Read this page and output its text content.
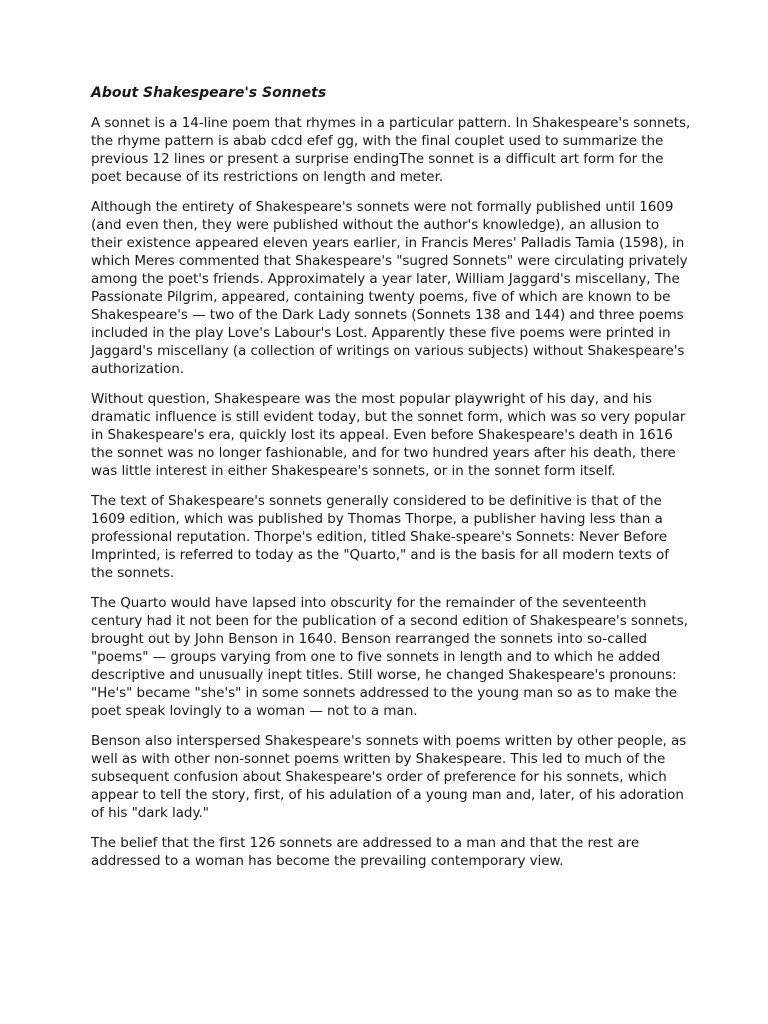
About Shakespeare's Sonnets

A sonnet is a 14-line poem that rhymes in a particular pattern. In Shakespeare's sonnets, the rhyme pattern is abab cdcd efef gg, with the final couplet used to summarize the previous 12 lines or present a surprise endingThe sonnet is a difficult art form for the poet because of its restrictions on length and meter.

Although the entirety of Shakespeare's sonnets were not formally published until 1609 (and even then, they were published without the author's knowledge), an allusion to their existence appeared eleven years earlier, in Francis Meres' Palladis Tamia (1598), in which Meres commented that Shakespeare's "sugred Sonnets" were circulating privately among the poet's friends. Approximately a year later, William Jaggard's miscellany, The Passionate Pilgrim, appeared, containing twenty poems, five of which are known to be Shakespeare's — two of the Dark Lady sonnets (Sonnets 138 and 144) and three poems included in the play Love's Labour's Lost. Apparently these five poems were printed in Jaggard's miscellany (a collection of writings on various subjects) without Shakespeare's authorization.

Without question, Shakespeare was the most popular playwright of his day, and his dramatic influence is still evident today, but the sonnet form, which was so very popular in Shakespeare's era, quickly lost its appeal. Even before Shakespeare's death in 1616 the sonnet was no longer fashionable, and for two hundred years after his death, there was little interest in either Shakespeare's sonnets, or in the sonnet form itself.

The text of Shakespeare's sonnets generally considered to be definitive is that of the 1609 edition, which was published by Thomas Thorpe, a publisher having less than a professional reputation. Thorpe's edition, titled Shake-speare's Sonnets: Never Before Imprinted, is referred to today as the "Quarto," and is the basis for all modern texts of the sonnets.

The Quarto would have lapsed into obscurity for the remainder of the seventeenth century had it not been for the publication of a second edition of Shakespeare's sonnets, brought out by John Benson in 1640. Benson rearranged the sonnets into so-called "poems" — groups varying from one to five sonnets in length and to which he added descriptive and unusually inept titles. Still worse, he changed Shakespeare's pronouns: "He's" became "she's" in some sonnets addressed to the young man so as to make the poet speak lovingly to a woman — not to a man.

Benson also interspersed Shakespeare's sonnets with poems written by other people, as well as with other non-sonnet poems written by Shakespeare. This led to much of the subsequent confusion about Shakespeare's order of preference for his sonnets, which appear to tell the story, first, of his adulation of a young man and, later, of his adoration of his "dark lady."

The belief that the first 126 sonnets are addressed to a man and that the rest are addressed to a woman has become the prevailing contemporary view.
